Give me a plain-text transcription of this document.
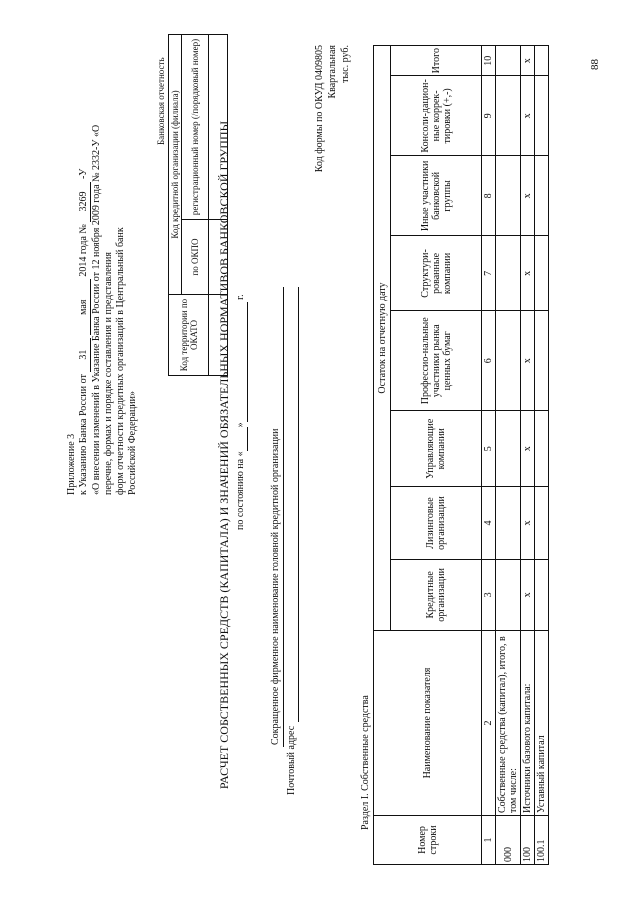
Приложение 3 к Указанию Банка России от 31 мая 2014 года № 3269 -У «О внесении изменений в Указание Банка России от 12 ноября 2009 года № 2332-У «О перечне, формах и порядке составления и представления форм отчетности кредитных организаций в Центральный банк Российской Федерации»
88
Банковская отчетность
Код территории по ОКАТО	Код кредитной организации (филиала)	
	по ОКПО	регистрационный номер (/порядковый номер)
		РАСЧЕТ СОБСТВЕННЫХ СРЕДСТВ (КАПИТАЛА) И ЗНАЧЕНИЙ ОБЯЗАТЕЛЬНЫХ НОРМАТИВОВ БАНКОВСКОЙ ГРУППЫ по состоянию на « »  г.
Сокращенное фирменное наименование головной кредитной организации
Почтовый адрес
Код формы по ОКУД 0409805 Квартальная тыс. руб.
Раздел I. Собственные средства
Номер строки	Наименование показателя	Остаток на отчетную дату							
		Кредитные организации	Лизинговые организации	Управляющие компании	Профессио-нальные участники рынка ценных бумаг	Структури-рованные компании	Иные участники банковской группы	Консоли-дацион-ные коррек-тировки (+,-)	Итого
1	2	3	4	5	6	7	8	9	10
000	Собственные средства (капитал), итого, в том числе:								
100	Источники базового капитала:	x	x	x	x	x	x	x	x
100.1	Уставный капитал								
